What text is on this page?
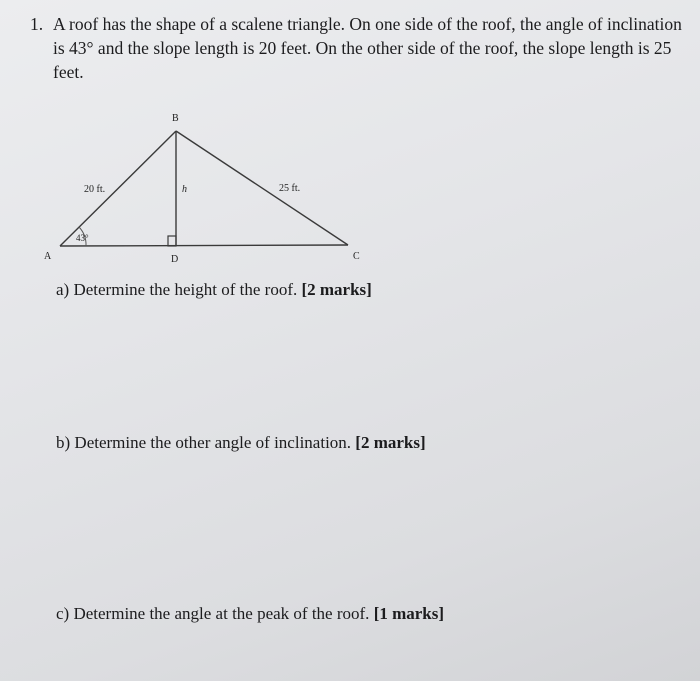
1. A roof has the shape of a scalene triangle. On one side of the roof, the angle of inclination is 43° and the slope length is 20 feet. On the other side of the roof, the slope length is 25 feet.
B
A	C
D
20 ft.	25 ft.
h
43°
a) Determine the height of the roof. [2 marks]
b) Determine the other angle of inclination. [2 marks]
c) Determine the angle at the peak of the roof. [1 marks]
